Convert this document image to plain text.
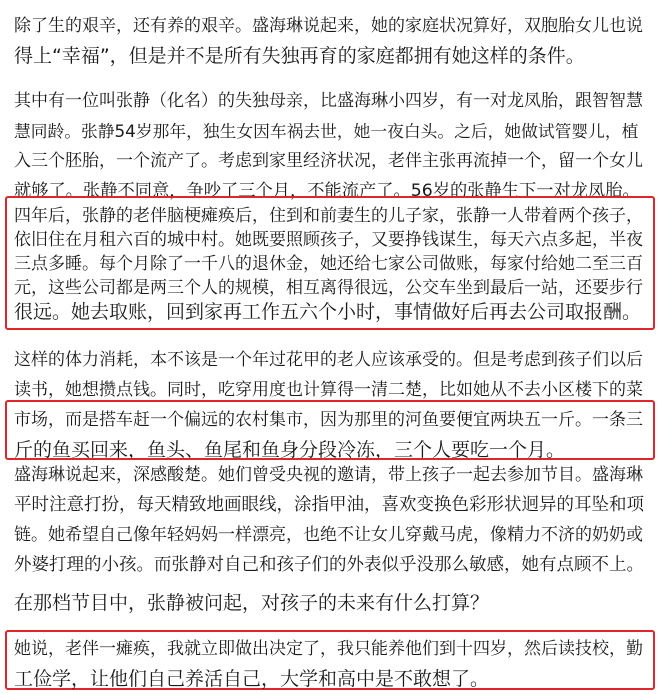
除了生的艰辛，还有养的艰辛。盛海琳说起来，她的家庭状况算好，双胞胎女儿也说
得上“幸福”，但是并不是所有失独再育的家庭都拥有她这样的条件。
其中有一位叫张静（化名）的失独母亲，比盛海琳小四岁，有一对龙凤胎，跟智智慧
慧同龄。张静54岁那年，独生女因车祸去世，她一夜白头。之后，她做试管婴儿，植
入三个胚胎，一个流产了。考虑到家里经济状况，老伴主张再流掉一个，留一个女儿
就够了。张静不同意，争吵了三个月，不能流产了。56岁的张静生下一对龙凤胎。
四年后，张静的老伴脑梗瘫痪后，住到和前妻生的儿子家，张静一人带着两个孩子，
依旧住在月租六百的城中村。她既要照顾孩子，又要挣钱谋生，每天六点多起，半夜
三点多睡。每个月除了一千八的退休金，她还给七家公司做账，每家付给她二至三百
元，这些公司都是两三个人的规模，相互离得很远，公交车坐到最后一站，还要步行
很远。她去取账，回到家再工作五六个小时，事情做好后再去公司取报酬。
这样的体力消耗，本不该是一个年过花甲的老人应该承受的。但是考虑到孩子们以后
读书，她想攒点钱。同时，吃穿用度也计算得一清二楚，比如她从不去小区楼下的菜
市场，而是搭车赶一个偏远的农村集市，因为那里的河鱼要便宜两块五一斤。一条三
斤的鱼买回来，鱼头、鱼尾和鱼身分段冷冻，三个人要吃一个月。
盛海琳说起来，深感酸楚。她们曾受央视的邀请，带上孩子一起去参加节目。盛海琳
平时注意打扮，每天精致地画眼线，涂指甲油，喜欢变换色彩形状迥异的耳坠和项
链。她希望自己像年轻妈妈一样漂亮，也绝不让女儿穿戴马虎，像精力不济的奶奶或
外婆打理的小孩。而张静对自己和孩子们的外表似乎没那么敏感，她有点顾不上。
在那档节目中，张静被问起，对孩子的未来有什么打算？
她说，老伴一瘫痪，我就立即做出决定了，我只能养他们到十四岁，然后读技校，勤
工俭学，让他们自己养活自己，大学和高中是不敢想了。
